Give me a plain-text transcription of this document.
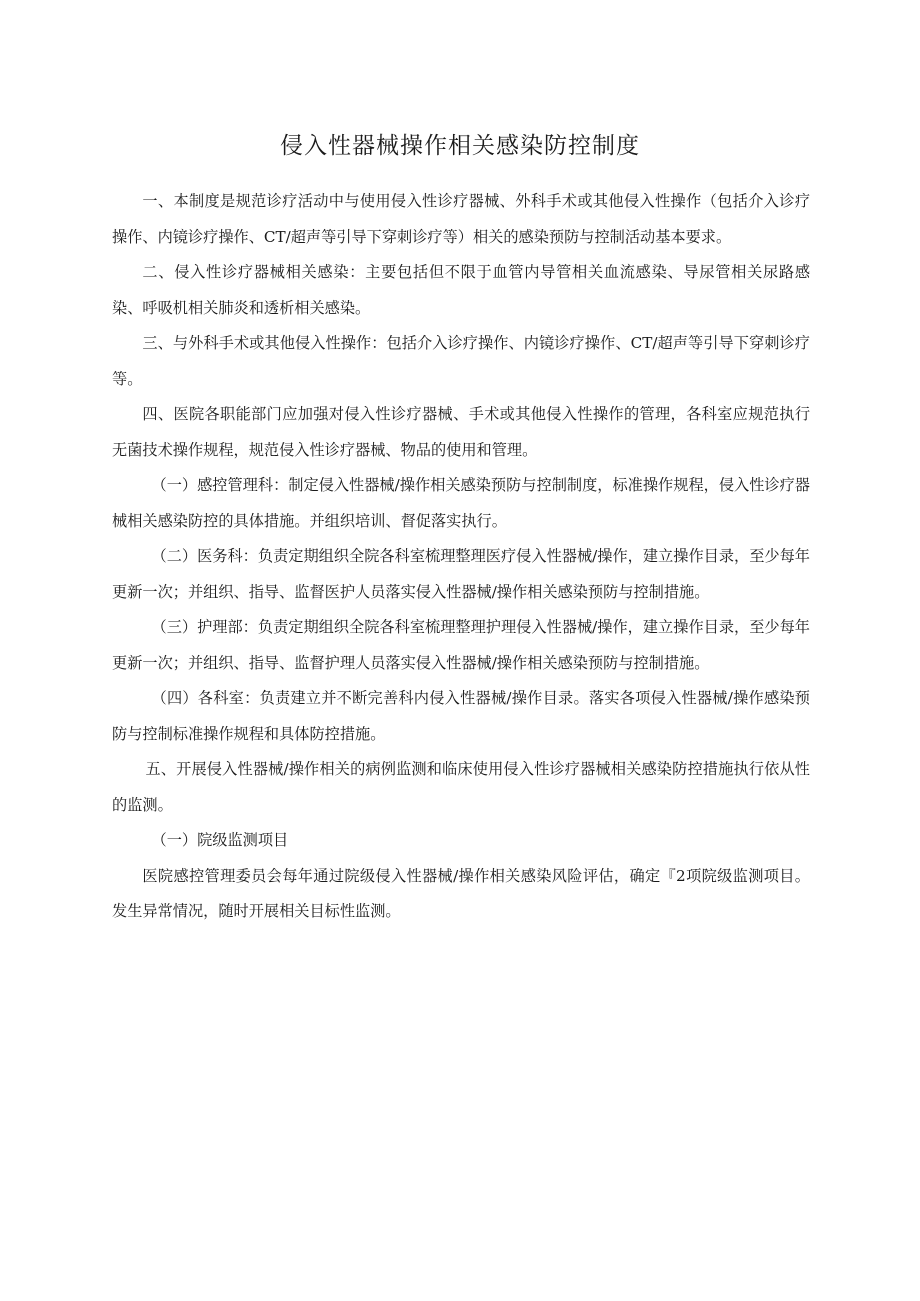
侵入性器械操作相关感染防控制度

一、本制度是规范诊疗活动中与使用侵入性诊疗器械、外科手术或其他侵入性操作（包括介入诊疗操作、内镜诊疗操作、CT/超声等引导下穿刺诊疗等）相关的感染预防与控制活动基本要求。

二、侵入性诊疗器械相关感染：主要包括但不限于血管内导管相关血流感染、导尿管相关尿路感染、呼吸机相关肺炎和透析相关感染。

三、与外科手术或其他侵入性操作：包括介入诊疗操作、内镜诊疗操作、CT/超声等引导下穿刺诊疗等。

四、医院各职能部门应加强对侵入性诊疗器械、手术或其他侵入性操作的管理，各科室应规范执行无菌技术操作规程，规范侵入性诊疗器械、物品的使用和管理。

（一）感控管理科：制定侵入性器械/操作相关感染预防与控制制度，标准操作规程，侵入性诊疗器械相关感染防控的具体措施。并组织培训、督促落实执行。

（二）医务科：负责定期组织全院各科室梳理整理医疗侵入性器械/操作，建立操作目录，至少每年更新一次；并组织、指导、监督医护人员落实侵入性器械/操作相关感染预防与控制措施。

（三）护理部：负责定期组织全院各科室梳理整理护理侵入性器械/操作，建立操作目录，至少每年更新一次；并组织、指导、监督护理人员落实侵入性器械/操作相关感染预防与控制措施。

（四）各科室：负责建立并不断完善科内侵入性器械/操作目录。落实各项侵入性器械/操作感染预防与控制标准操作规程和具体防控措施。

五、开展侵入性器械/操作相关的病例监测和临床使用侵入性诊疗器械相关感染防控措施执行依从性的监测。

（一）院级监测项目

医院感控管理委员会每年通过院级侵入性器械/操作相关感染风险评估，确定『2项院级监测项目。发生异常情况，随时开展相关目标性监测。
